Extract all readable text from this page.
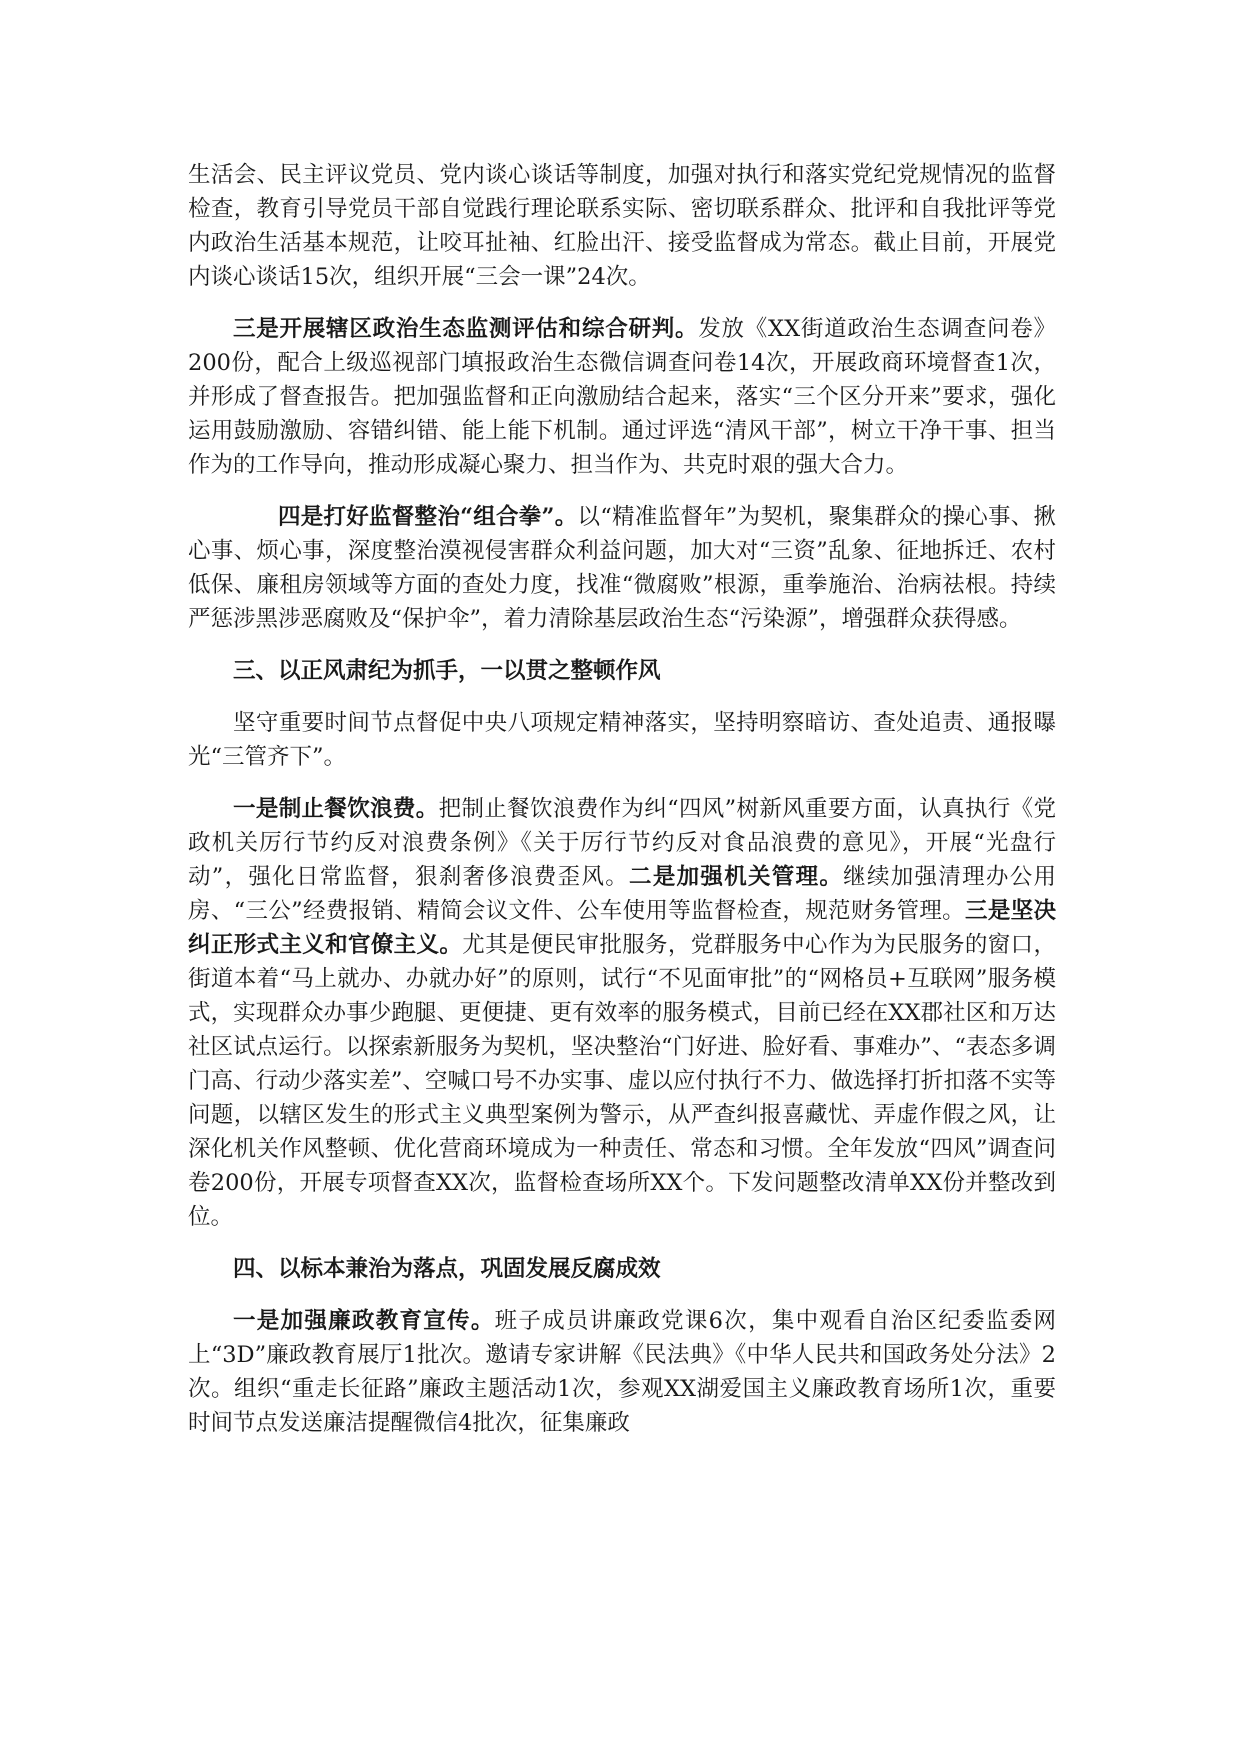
生活会、民主评议党员、党内谈心谈话等制度，加强对执行和落实党纪党规情况的监督检查，教育引导党员干部自觉践行理论联系实际、密切联系群众、批评和自我批评等党内政治生活基本规范，让咬耳扯袖、红脸出汗、接受监督成为常态。截止目前，开展党内谈心谈话15次，组织开展“三会一课”24次。

三是开展辖区政治生态监测评估和综合研判。发放《XX街道政治生态调查问卷》200份，配合上级巡视部门填报政治生态微信调查问卷14次，开展政商环境督查1次，并形成了督查报告。把加强监督和正向激励结合起来，落实“三个区分开来”要求，强化运用鼓励激励、容错纠错、能上能下机制。通过评选“清风干部”，树立干净干事、担当作为的工作导向，推动形成凝心聚力、担当作为、共克时艰的强大合力。

四是打好监督整治“组合拳”。以“精准监督年”为契机，聚集群众的操心事、揪心事、烦心事，深度整治漠视侵害群众利益问题，加大对“三资”乱象、征地拆迁、农村低保、廉租房领域等方面的查处力度，找准“微腐败”根源，重拳施治、治病祛根。持续严惩涉黑涉恶腐败及“保护伞”，着力清除基层政治生态“污染源”，增强群众获得感。

三、以正风肃纪为抓手，一以贯之整顿作风

坚守重要时间节点督促中央八项规定精神落实，坚持明察暗访、查处追责、通报曝光“三管齐下”。

一是制止餐饮浪费。把制止餐饮浪费作为纠“四风”树新风重要方面，认真执行《党政机关厉行节约反对浪费条例》《关于厉行节约反对食品浪费的意见》，开展“光盘行动”，强化日常监督，狠刹奢侈浪费歪风。二是加强机关管理。继续加强清理办公用房、“三公”经费报销、精简会议文件、公车使用等监督检查，规范财务管理。三是坚决纠正形式主义和官僚主义。尤其是便民审批服务，党群服务中心作为为民服务的窗口，街道本着“马上就办、办就办好”的原则，试行“不见面审批”的“网格员+互联网”服务模式，实现群众办事少跑腿、更便捷、更有效率的服务模式，目前已经在XX郡社区和万达社区试点运行。以探索新服务为契机，坚决整治“门好进、脸好看、事难办”、“表态多调门高、行动少落实差”、空喊口号不办实事、虚以应付执行不力、做选择打折扣落不实等问题，以辖区发生的形式主义典型案例为警示，从严查纠报喜藏忧、弄虚作假之风，让深化机关作风整顿、优化营商环境成为一种责任、常态和习惯。全年发放“四风”调查问卷200份，开展专项督查XX次，监督检查场所XX个。下发问题整改清单XX份并整改到位。

四、以标本兼治为落点，巩固发展反腐成效

一是加强廉政教育宣传。班子成员讲廉政党课6次，集中观看自治区纪委监委网上“3D”廉政教育展厅1批次。邀请专家讲解《民法典》《中华人民共和国政务处分法》2次。组织“重走长征路”廉政主题活动1次，参观XX湖爱国主义廉政教育场所1次，重要时间节点发送廉洁提醒微信4批次，征集廉政
